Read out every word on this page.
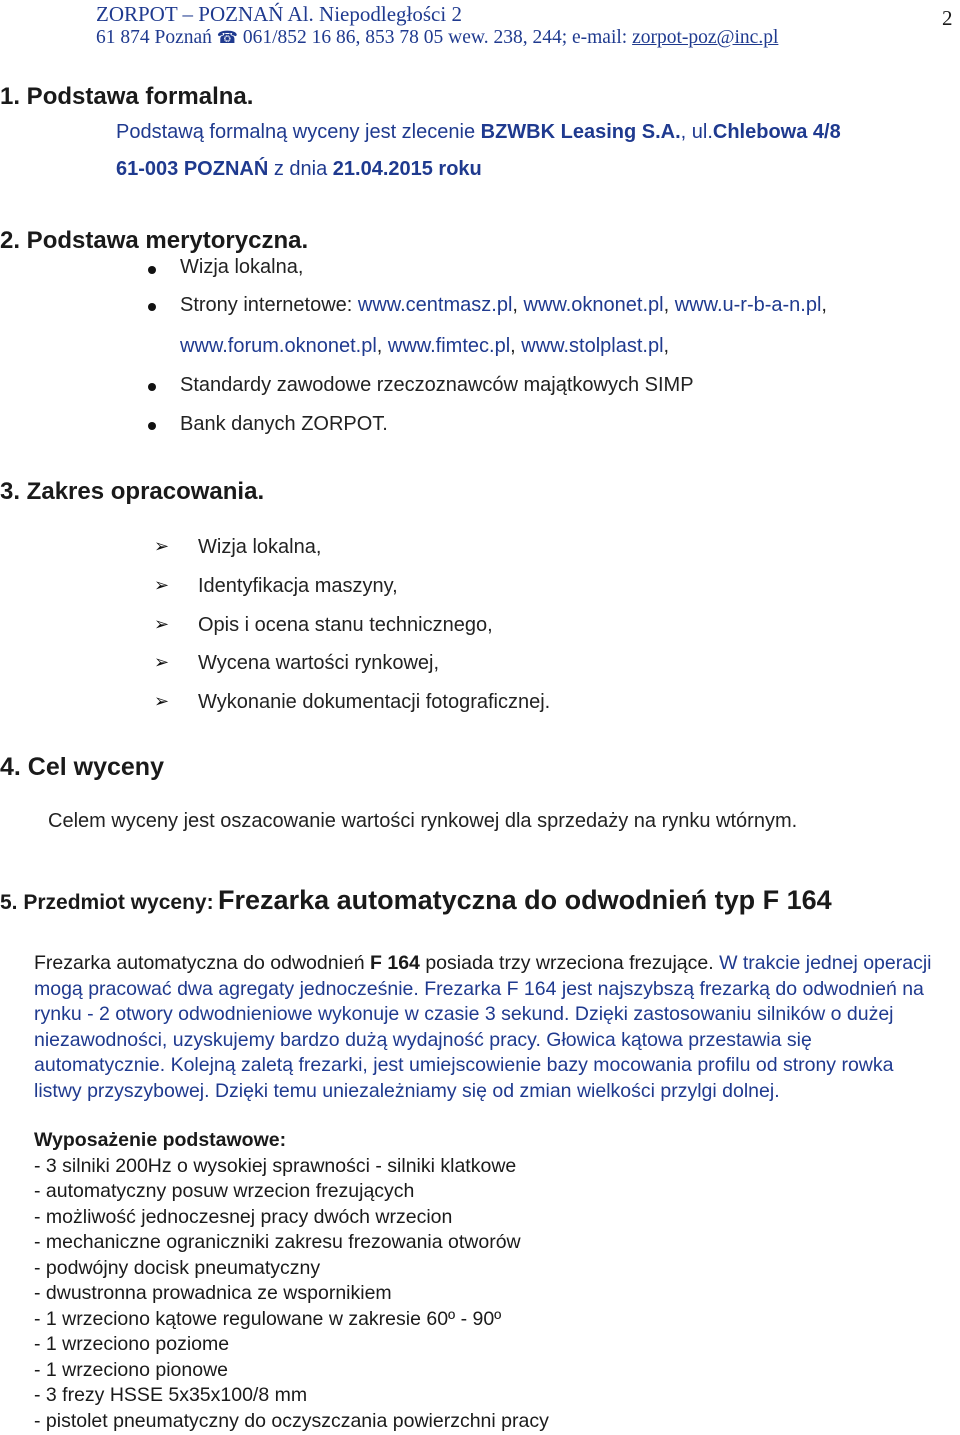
ZORPOT – POZNAŃ Al. Niepodległości 2	2
61 874 Poznań ☎ 061/852 16 86, 853 78 05 wew. 238, 244; e-mail: zorpot-poz@inc.pl
1. Podstawa formalna.
Podstawą formalną wyceny jest zlecenie BZWBK Leasing S.A., ul.Chlebowa 4/8
61-003 POZNAŃ z dnia 21.04.2015 roku
2. Podstawa merytoryczna.
Wizja lokalna,
Strony internetowe: www.centmasz.pl, www.oknonet.pl, www.u-r-b-a-n.pl,
www.forum.oknonet.pl, www.fimtec.pl, www.stolplast.pl,
Standardy zawodowe rzeczoznawców majątkowych SIMP
Bank danych ZORPOT.
3. Zakres opracowania.
➢ Wizja lokalna,
➢ Identyfikacja maszyny,
➢ Opis i ocena stanu technicznego,
➢ Wycena wartości rynkowej,
➢ Wykonanie dokumentacji fotograficznej.
4. Cel wyceny
Celem wyceny jest oszacowanie wartości rynkowej dla sprzedaży na rynku wtórnym.
5. Przedmiot wyceny: Frezarka automatyczna do odwodnień typ F 164
Frezarka automatyczna do odwodnień F 164 posiada trzy wrzeciona frezujące. W trakcie jednej operacji mogą pracować dwa agregaty jednocześnie. Frezarka F 164 jest najszybszą frezarką do odwodnień na rynku - 2 otwory odwodnieniowe wykonuje w czasie 3 sekund. Dzięki zastosowaniu silników o dużej niezawodności, uzyskujemy bardzo dużą wydajność pracy. Głowica kątowa przestawia się automatycznie. Kolejną zaletą frezarki, jest umiejscowienie bazy mocowania profilu od strony rowka listwy przyszybowej. Dzięki temu uniezależniamy się od zmian wielkości przylgi dolnej.
Wyposażenie podstawowe:
- 3 silniki 200Hz o wysokiej sprawności - silniki klatkowe
- automatyczny posuw wrzecion frezujących
- możliwość jednoczesnej pracy dwóch wrzecion
- mechaniczne ograniczniki zakresu frezowania otworów
- podwójny docisk pneumatyczny
- dwustronna prowadnica ze wspornikiem
- 1 wrzeciono kątowe regulowane w zakresie 60º - 90º
- 1 wrzeciono poziome
- 1 wrzeciono pionowe
- 3 frezy HSSE 5x35x100/8 mm
- pistolet pneumatyczny do oczyszczania powierzchni pracy
